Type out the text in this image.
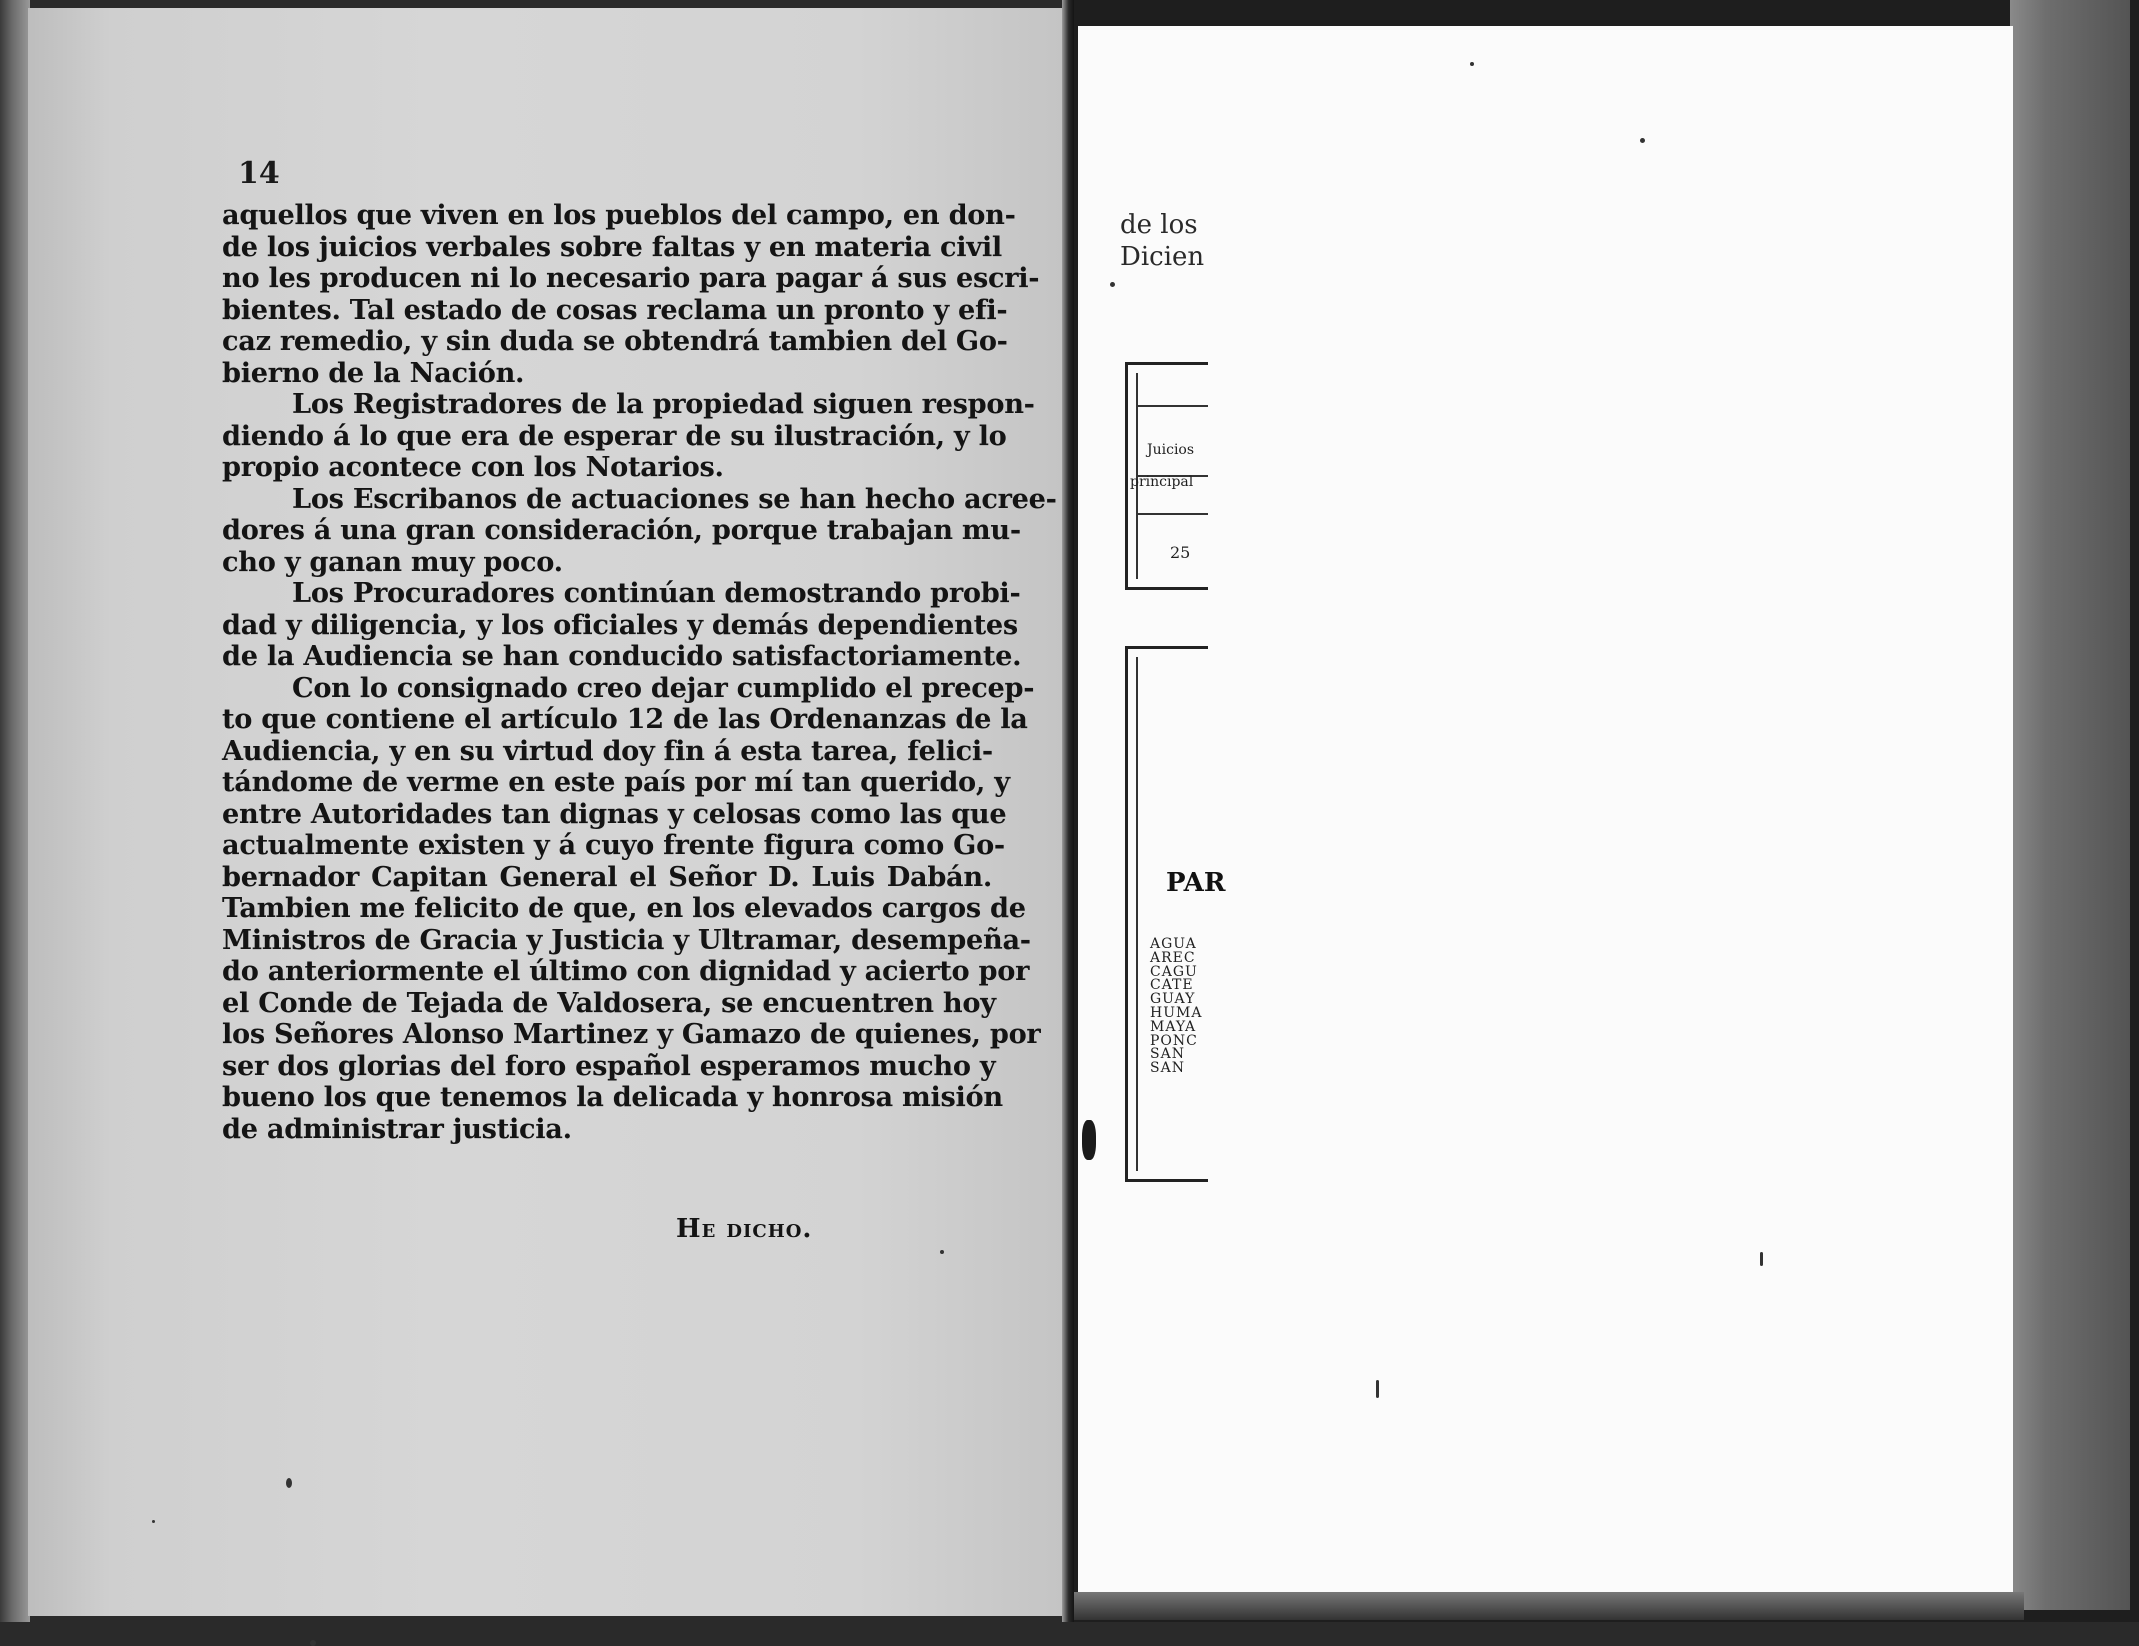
14
aquellos que viven en los pueblos del campo, en don-
de los juicios verbales sobre faltas y en materia civil
no les producen ni lo necesario para pagar á sus escri-
bientes. Tal estado de cosas reclama un pronto y efi-
caz remedio, y sin duda se obtendrá tambien del Go-
bierno de la Nación.
Los Registradores de la propiedad siguen respon-
diendo á lo que era de esperar de su ilustración, y lo
propio acontece con los Notarios.
Los Escribanos de actuaciones se han hecho acree-
dores á una gran consideración, porque trabajan mu-
cho y ganan muy poco.
Los Procuradores continúan demostrando probi-
dad y diligencia, y los oficiales y demás dependientes
de la Audiencia se han conducido satisfactoriamente.
Con lo consignado creo dejar cumplido el precep-
to que contiene el artículo 12 de las Ordenanzas de la
Audiencia, y en su virtud doy fin á esta tarea, felici-
tándome de verme en este país por mí tan querido, y
entre Autoridades tan dignas y celosas como las que
actualmente existen y á cuyo frente figura como Go-
bernador Capitan General el Señor D. Luis Dabán.
Tambien me felicito de que, en los elevados cargos de
Ministros de Gracia y Justicia y Ultramar, desempeña-
do anteriormente el último con dignidad y acierto por
el Conde de Tejada de Valdosera, se encuentren hoy
los Señores Alonso Martinez y Gamazo de quienes, por
ser dos glorias del foro español esperamos mucho y
bueno los que tenemos la delicada y honrosa misión
de administrar justicia.
He dicho.
de los
Dicien
Juicios
principal
25
PAR
AGUA
AREC
CAGU
CATE
GUAY
HUMA
MAYA
PONC
SAN
SAN
